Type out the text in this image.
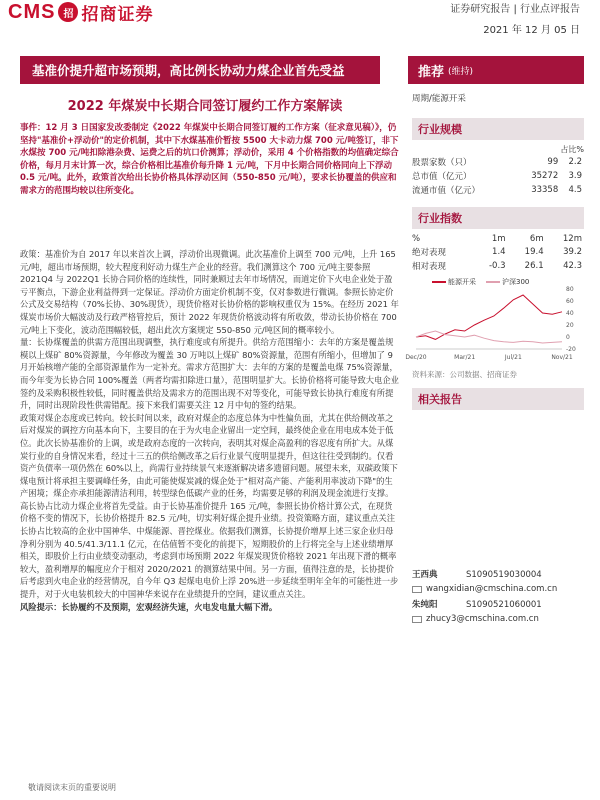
CMS 招 招商证券	证券研究报告 | 行业点评报告
2021 年 12 月 05 日
基准价提升超市场预期，高比例长协动力煤企业首先受益	推荐 (维持)
2022 年煤炭中长期合同签订履约工作方案解读
事件：12 月 3 日国家发改委制定《2022 年煤炭中长期合同签订履约工作方案（征求意见稿）》，仍坚持"基准价+浮动价"的定价机制，其中下水煤基准价暂按 5500 大卡动力煤 700 元/吨签订，非下水煤按 700 元/吨扣除港杂费、运费之后的坑口价测算；浮动价，采用 4 个价格指数的均值确定综合价格，每月月末计算一次，综合价格相比基准价每升降 1 元/吨，下月中长期合同价格同向上下浮动 0.5 元/吨。此外，政策首次给出长协价格具体浮动区间（550-850 元/吨），要求长协覆盖的供应和需求方的范围均较以往所变化。

政策：基准价为自 2017 年以来首次上调，浮动价出现微调。此次基准价上调至 700 元/吨，上升 165 元/吨，超出市场预期，较大程度利好动力煤生产企业的经营。我们测算这个 700 元/吨主要参照 2021Q4 与 2022Q1 长协合同价格的连续性，同时兼顾过去年市场情况，而道定价下火电企业处于盈亏平衡点，下游企业利益得到一定保证。浮动价方面定价机制不变，仅对参数进行微调。参照长协定价公式及交易结构（70%长协、30%现货），现货价格对长协价格的影响权重仅为 15%。在经历 2021 年煤炭市场价大幅波动及行政严格管控后，预计 2022 年现货价格波动将有所收敛，带动长协价格在 700 元/吨上下变化，波动范围幅较低，超出此次方案规定 550-850 元/吨区间的概率较小。

量：长协煤覆盖的供需方范围出现调整，执行难度或有所提升。供给方范围缩小：去年的方案是覆盖规模以上煤矿 80%资源量，今年修改为覆盖 30 万吨以上煤矿 80%资源量，范围有所缩小，但增加了 9 月开始核增产能的全部资源量作为一定补充。需求方范围扩大：去年的方案的是覆盖电煤 75%资源量，而今年变为长协合同 100%覆盖（两者均需扣除进口量），范围明显扩大。长协价格将可能导致大电企业签约及采购积极性较低，同时覆盖供给及需求方的范围出现不对等变化，可能导致长协执行难度有所提升，同时出现阶段性供需错配。接下来我们需要关注 12 月中旬的签约结果。

政策对煤企态度或已转向。较长时间以来，政府对煤企的态度总体为中性偏负面，尤其在供给侧改革之后对煤炭的调控方向基本向下，主要目的在于为火电企业留出一定空间，最终使企业在用电成本处于低位。此次长协基准价的上调，或是政府态度的一次转向，表明其对煤企高盈利的容忍度有所扩大。从煤炭行业的自身情况来看，经过十三五的供给侧改革之后行业景气度明显提升，但这往往受到制约。仅看资产负债率一项仍然在 60%以上，尚需行业持续景气来逐渐解决诸多遗留问题。展望未来，双碳政策下煤电预计将承担主要调峰任务，由此可能使煤炭减的煤企处于"相对高产能、产能利用率波动下降"的生产困境；煤企亦承担能源清洁利用，转型绿色低碳产业的任务，均需要足够的利润及现金流进行支撑。

高长协占比动力煤企业将首先受益。由于长协基准价提升 165 元/吨，参照长协价格计算公式，在现货价格不变的情况下，长协价格提升 82.5 元/吨，切实利好煤企提升业绩。投资策略方面，建议重点关注长协占比较高的企业中国神华、中煤能源、晋控煤业。依据我们测算，长协提价增厚上述三家企业归母净利分别为 40.5/41.3/11.1 亿元，在估值暂不变化的前提下，短期股价的上行将完全与上述业绩增厚相关，即股价上行由业绩变动驱动，考虑到市场预期 2022 年煤炭现货价格较 2021 年出现下滑的概率较大，盈利增厚的幅度应介于相对 2020/2021 的测算结果中间。另一方面，值得注意的是，长协提价后考虑到火电企业的经营情况，自今年 Q3 起煤电电价上浮 20%进一步延续至明年全年的可能性进一步提升，对于火电装机较大的中国神华来说存在业绩提升的空间，建议重点关注。

风险提示：长协履约不及预期，宏观经济失速，火电发电量大幅下滑。

敬请阅读末页的重要说明
周期/能源开采
行业规模
占比%
股票家数（只）	99	2.2
总市值（亿元）	35272	3.9
流通市值（亿元）	33358	4.5
行业指数
%	1m	6m	12m
绝对表现	1.4	19.4	39.2
相对表现	-0.3	26.1	42.3
能源开采	沪深300
80
60
40
20
0
-20
Dec/20	Mar/21	Jul/21	Nov/21
资料来源：公司数据、招商证券
相关报告
王西典	S1090519030004
wangxidian@cmschina.com.cn
朱纯阳	S1090521060001
zhucy3@cmschina.com.cn
